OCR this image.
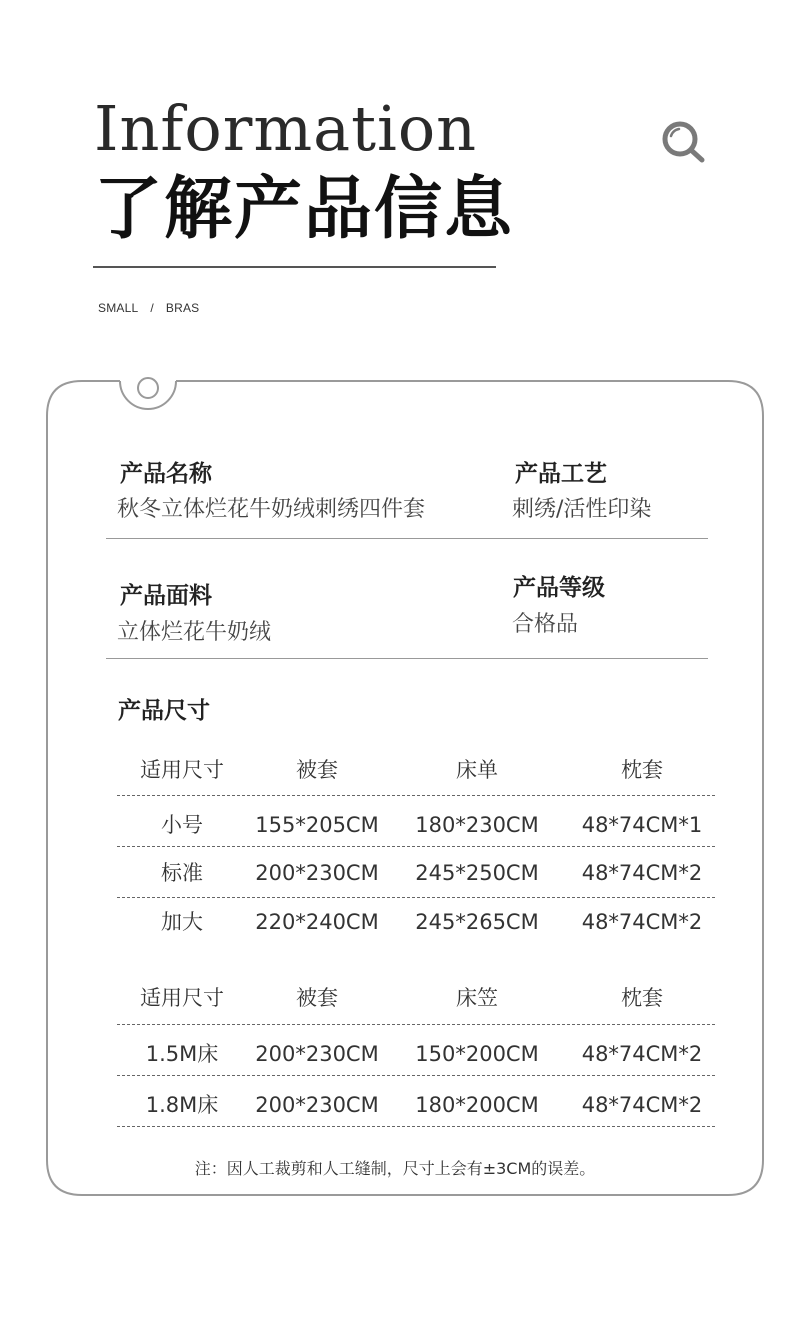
Information
了解产品信息
SMALL / BRAS
产品名称
秋冬立体烂花牛奶绒刺绣四件套
产品工艺
刺绣/活性印染
产品面料
立体烂花牛奶绒
产品等级
合格品
产品尺寸
适用尺寸	被套	床单	枕套
小号	155*205CM	180*230CM	48*74CM*1
标准	200*230CM	245*250CM	48*74CM*2
加大	220*240CM	245*265CM	48*74CM*2
适用尺寸	被套	床笠	枕套
1.5M床	200*230CM	150*200CM	48*74CM*2
1.8M床	200*230CM	180*200CM	48*74CM*2
注：因人工裁剪和人工缝制，尺寸上会有±3CM的误差。
